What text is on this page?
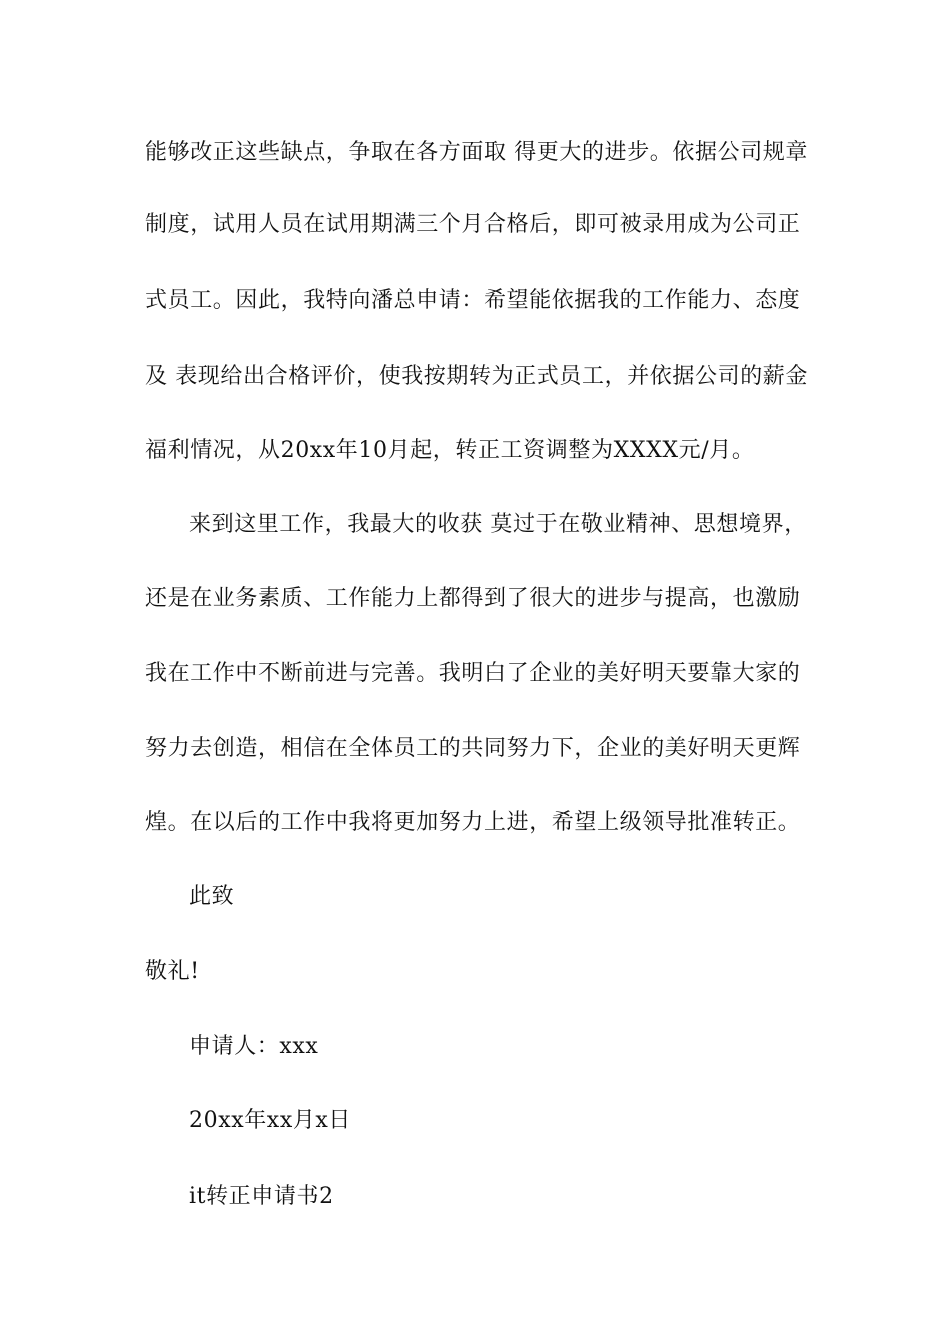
能够改正这些缺点，争取在各方面取 得更大的进步。依据公司规章
制度，试用人员在试用期满三个月合格后，即可被录用成为公司正
式员工。因此，我特向潘总申请：希望能依据我的工作能力、态度
及 表现给出合格评价，使我按期转为正式员工，并依据公司的薪金
福利情况，从20xx年10月起，转正工资调整为XXXX元/月。
来到这里工作，我最大的收获 莫过于在敬业精神、思想境界，
还是在业务素质、工作能力上都得到了很大的进步与提高，也激励
我在工作中不断前进与完善。我明白了企业的美好明天要靠大家的
努力去创造，相信在全体员工的共同努力下，企业的美好明天更辉
煌。在以后的工作中我将更加努力上进，希望上级领导批准转正。
此致
敬礼!
申请人：xxx
20xx年xx月x日
it转正申请书2
